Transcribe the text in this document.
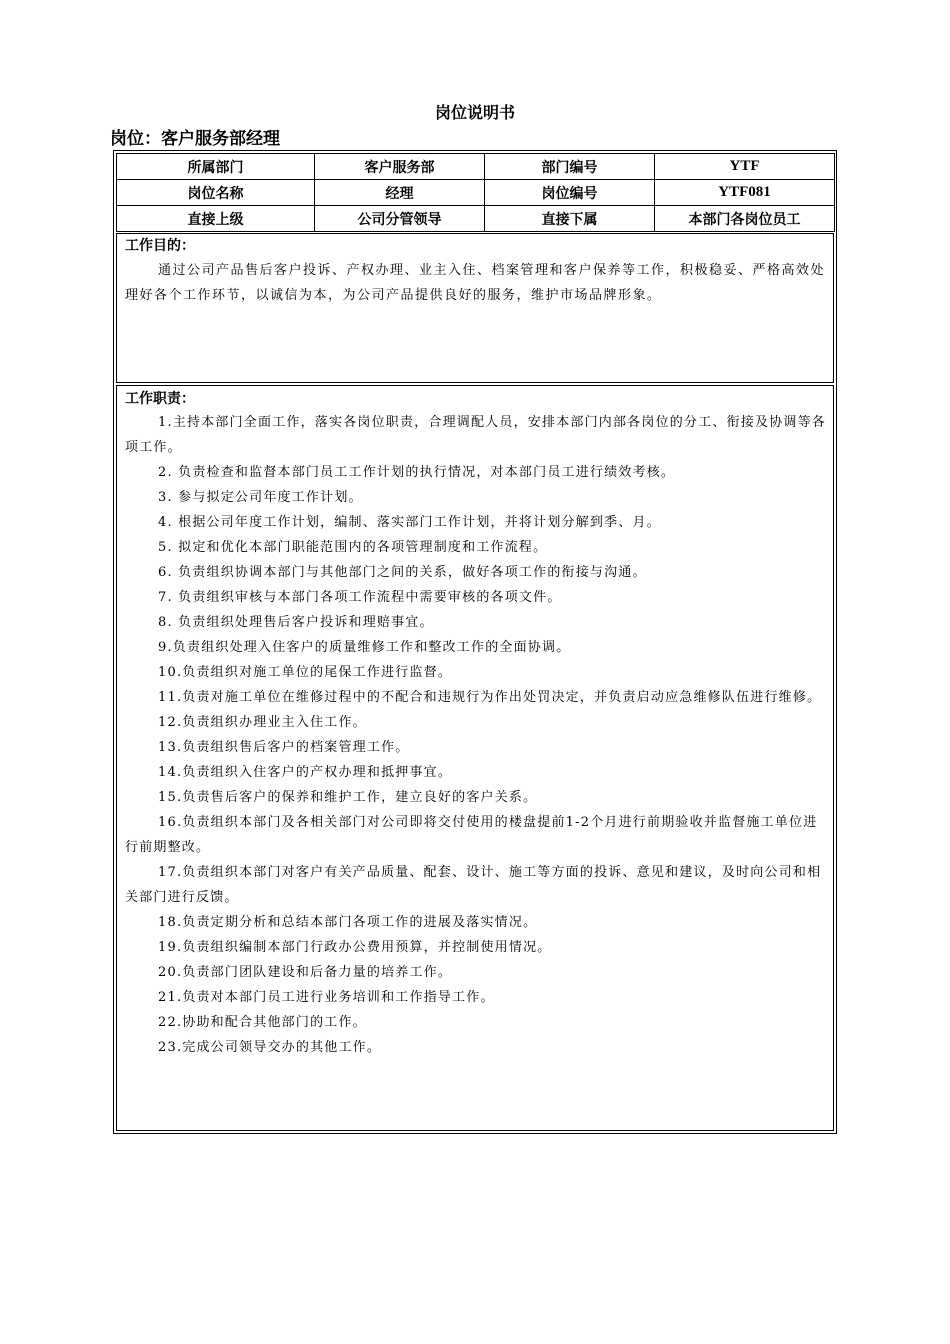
岗位说明书
岗位：客户服务部经理
所属部门	客户服务部	部门编号	YTF
岗位名称	经理	岗位编号	YTF081
直接上级	公司分管领导	直接下属	本部门各岗位员工
工作目的：
通过公司产品售后客户投诉、产权办理、业主入住、档案管理和客户保养等工作，积极稳妥、严格高效处理好各个工作环节，以诚信为本，为公司产品提供良好的服务，维护市场品牌形象。
工作职责：

1.主持本部门全面工作，落实各岗位职责，合理调配人员，安排本部门内部各岗位的分工、衔接及协调等各项工作。

2. 负责检查和监督本部门员工工作计划的执行情况，对本部门员工进行绩效考核。

3. 参与拟定公司年度工作计划。

4. 根据公司年度工作计划，编制、落实部门工作计划，并将计划分解到季、月。

5. 拟定和优化本部门职能范围内的各项管理制度和工作流程。

6. 负责组织协调本部门与其他部门之间的关系，做好各项工作的衔接与沟通。

7. 负责组织审核与本部门各项工作流程中需要审核的各项文件。

8. 负责组织处理售后客户投诉和理赔事宜。

9.负责组织处理入住客户的质量维修工作和整改工作的全面协调。

10.负责组织对施工单位的尾保工作进行监督。

11.负责对施工单位在维修过程中的不配合和违规行为作出处罚决定，并负责启动应急维修队伍进行维修。

12.负责组织办理业主入住工作。

13.负责组织售后客户的档案管理工作。

14.负责组织入住客户的产权办理和抵押事宜。

15.负责售后客户的保养和维护工作，建立良好的客户关系。

16.负责组织本部门及各相关部门对公司即将交付使用的楼盘提前1-2个月进行前期验收并监督施工单位进行前期整改。

17.负责组织本部门对客户有关产品质量、配套、设计、施工等方面的投诉、意见和建议，及时向公司和相关部门进行反馈。

18.负责定期分析和总结本部门各项工作的进展及落实情况。

19.负责组织编制本部门行政办公费用预算，并控制使用情况。

20.负责部门团队建设和后备力量的培养工作。

21.负责对本部门员工进行业务培训和工作指导工作。

22.协助和配合其他部门的工作。

23.完成公司领导交办的其他工作。
